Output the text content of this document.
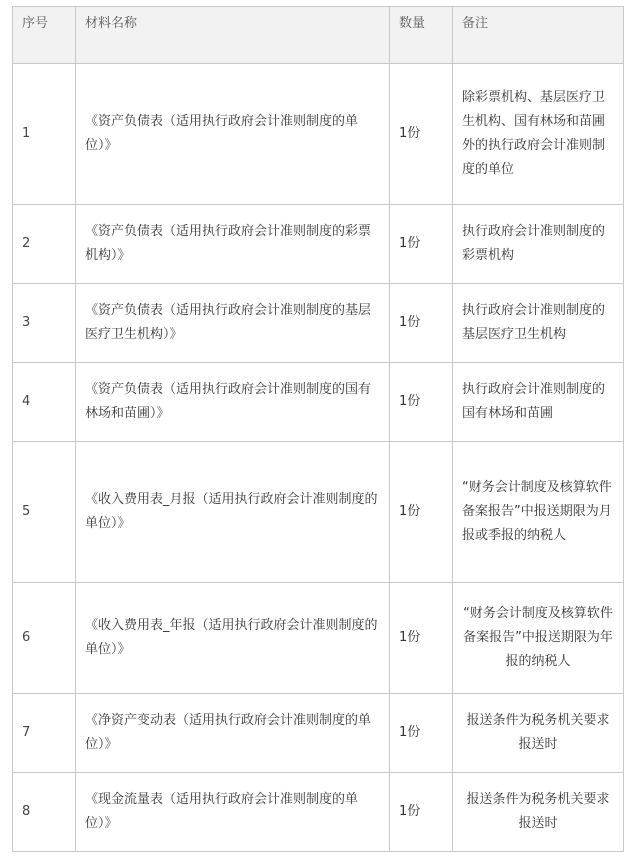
序号	材料名称	数量	备注
1	《资产负债表（适用执行政府会计准则制度的单位）》	1份	除彩票机构、基层医疗卫生机构、国有林场和苗圃外的执行政府会计准则制度的单位
2	《资产负债表（适用执行政府会计准则制度的彩票机构）》	1份	执行政府会计准则制度的彩票机构
3	《资产负债表（适用执行政府会计准则制度的基层医疗卫生机构）》	1份	执行政府会计准则制度的基层医疗卫生机构
4	《资产负债表（适用执行政府会计准则制度的国有林场和苗圃）》	1份	执行政府会计准则制度的国有林场和苗圃
5	《收入费用表_月报（适用执行政府会计准则制度的单位）》	1份	“财务会计制度及核算软件备案报告”中报送期限为月报或季报的纳税人
6	《收入费用表_年报（适用执行政府会计准则制度的单位）》	1份	“财务会计制度及核算软件备案报告”中报送期限为年报的纳税人
7	《净资产变动表（适用执行政府会计准则制度的单位）》	1份	报送条件为税务机关要求报送时
8	《现金流量表（适用执行政府会计准则制度的单位）》	1份	报送条件为税务机关要求报送时
